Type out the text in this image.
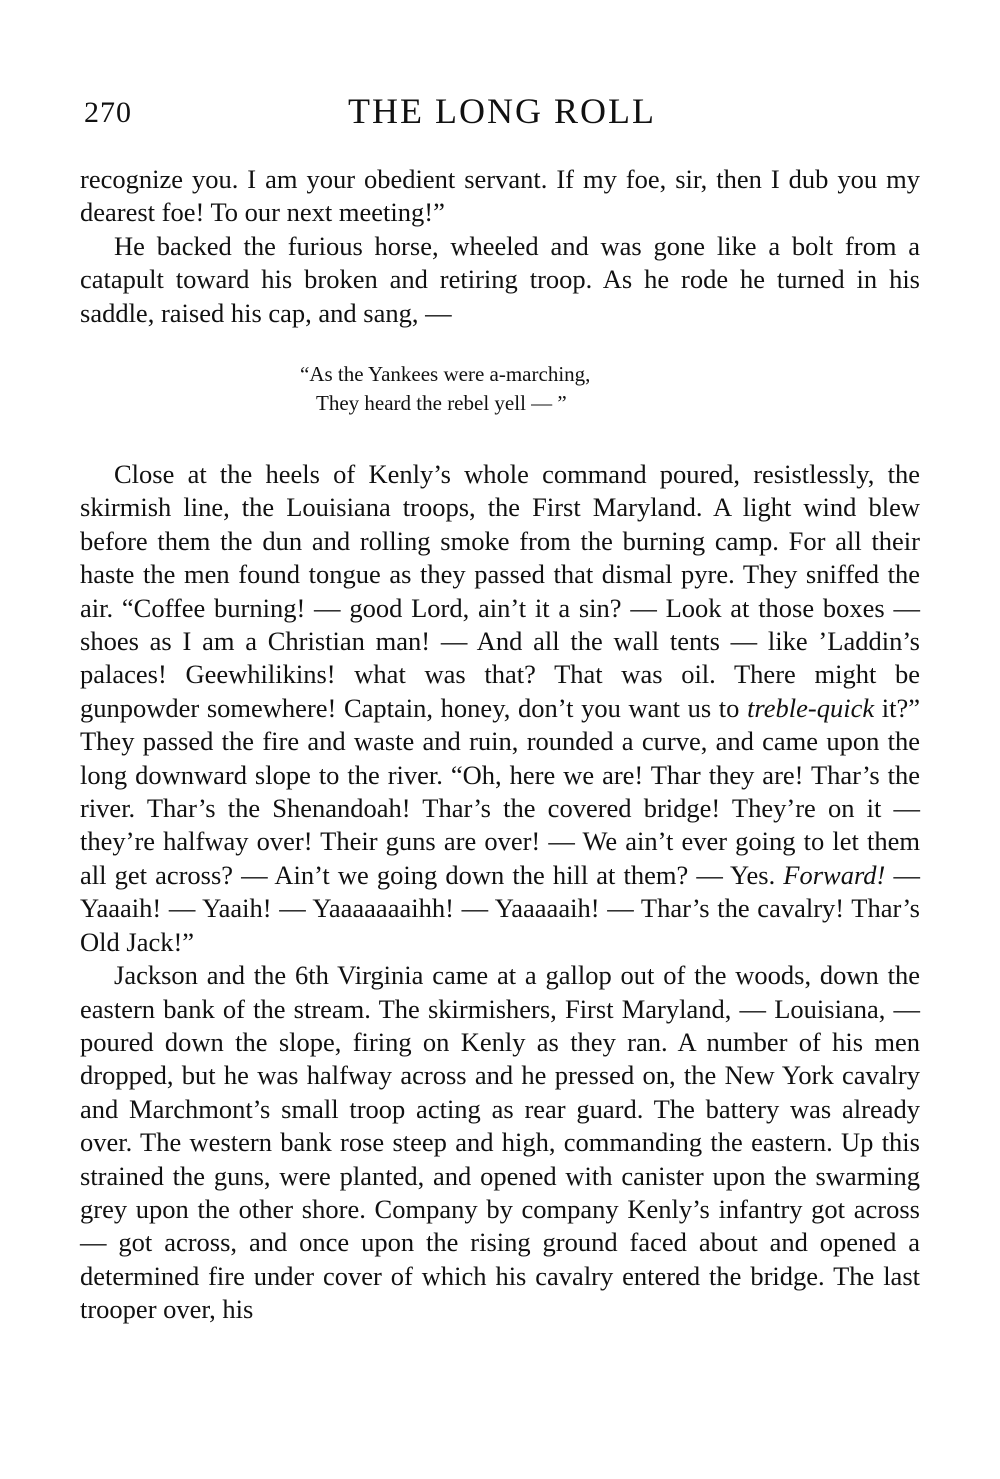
270	THE LONG ROLL

recognize you. I am your obedient servant. If my foe, sir, then I dub you my dearest foe! To our next meeting!”

He backed the furious horse, wheeled and was gone like a bolt from a catapult toward his broken and retiring troop. As he rode he turned in his saddle, raised his cap, and sang, —

“As the Yankees were a-marching,
They heard the rebel yell — ”

Close at the heels of Kenly’s whole command poured, resistlessly, the skirmish line, the Louisiana troops, the First Maryland. A light wind blew before them the dun and rolling smoke from the burning camp. For all their haste the men found tongue as they passed that dismal pyre. They sniffed the air. “Coffee burning! — good Lord, ain’t it a sin? — Look at those boxes — shoes as I am a Christian man! — And all the wall tents — like ’Laddin’s palaces! Geewhilikins! what was that? That was oil. There might be gunpowder somewhere! Captain, honey, don’t you want us to treble-quick it?” They passed the fire and waste and ruin, rounded a curve, and came upon the long downward slope to the river. “Oh, here we are! Thar they are! Thar’s the river. Thar’s the Shenandoah! Thar’s the covered bridge! They’re on it — they’re halfway over! Their guns are over! — We ain’t ever going to let them all get across? — Ain’t we going down the hill at them? — Yes. Forward! — Yaaaih! — Yaaih! — Yaaaaaaaihh! — Yaaaaaih! — Thar’s the cavalry! Thar’s Old Jack!”

Jackson and the 6th Virginia came at a gallop out of the woods, down the eastern bank of the stream. The skirmishers, First Maryland, — Louisiana, — poured down the slope, firing on Kenly as they ran. A number of his men dropped, but he was halfway across and he pressed on, the New York cavalry and Marchmont’s small troop acting as rear guard. The battery was already over. The western bank rose steep and high, commanding the eastern. Up this strained the guns, were planted, and opened with canister upon the swarming grey upon the other shore. Company by company Kenly’s infantry got across — got across, and once upon the rising ground faced about and opened a determined fire under cover of which his cavalry entered the bridge. The last trooper over, his
